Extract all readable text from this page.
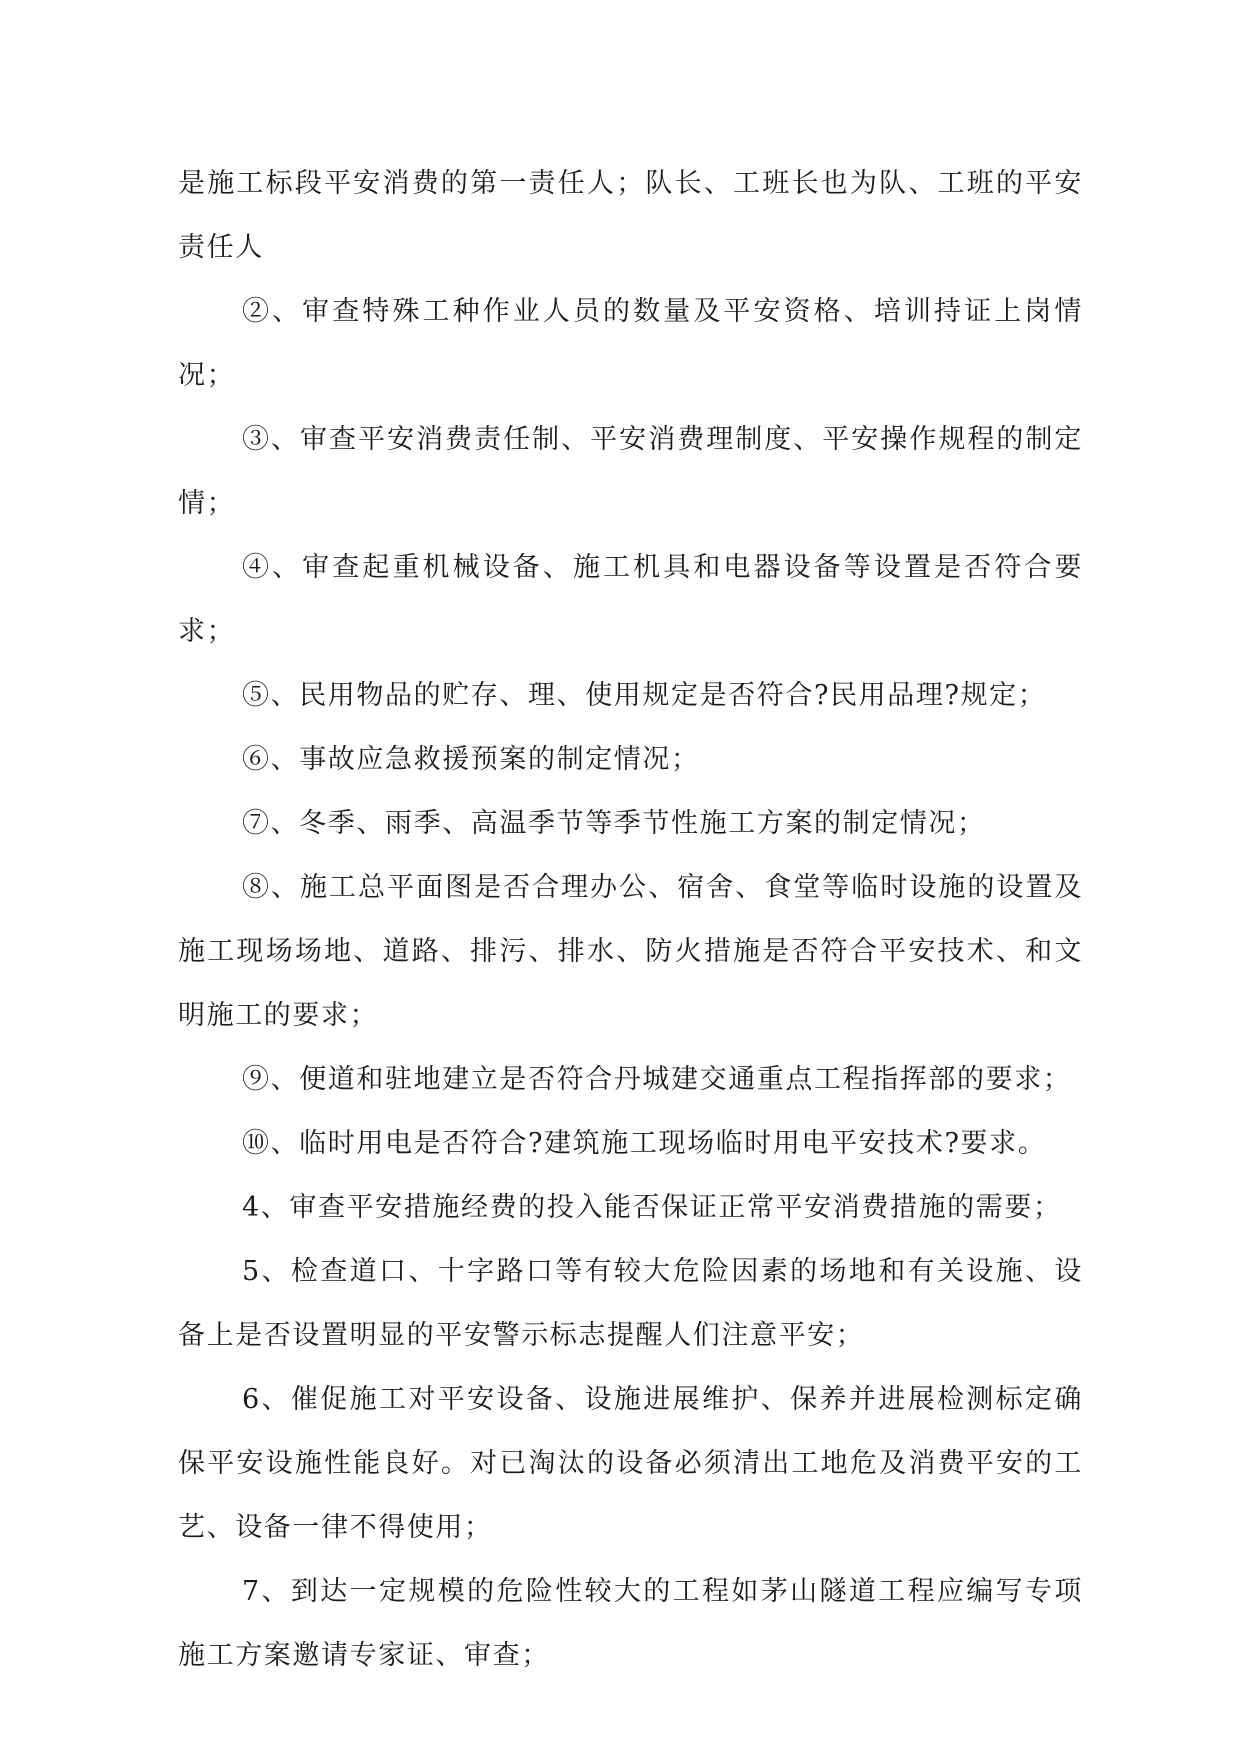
是施工标段平安消费的第一责任人；队长、工班长也为队、工班的平安责任人

②、审查特殊工种作业人员的数量及平安资格、培训持证上岗情况；

③、审查平安消费责任制、平安消费理制度、平安操作规程的制定情；

④、审查起重机械设备、施工机具和电器设备等设置是否符合要求；

⑤、民用物品的贮存、理、使用规定是否符合?民用品理?规定；

⑥、事故应急救援预案的制定情况；

⑦、冬季、雨季、高温季节等季节性施工方案的制定情况；

⑧、施工总平面图是否合理办公、宿舍、食堂等临时设施的设置及施工现场场地、道路、排污、排水、防火措施是否符合平安技术、和文明施工的要求；

⑨、便道和驻地建立是否符合丹城建交通重点工程指挥部的要求；

⑩、临时用电是否符合?建筑施工现场临时用电平安技术?要求。

4、审查平安措施经费的投入能否保证正常平安消费措施的需要；

5、检查道口、十字路口等有较大危险因素的场地和有关设施、设备上是否设置明显的平安警示标志提醒人们注意平安；

6、催促施工对平安设备、设施进展维护、保养并进展检测标定确保平安设施性能良好。对已淘汰的设备必须清出工地危及消费平安的工艺、设备一律不得使用；

7、到达一定规模的危险性较大的工程如茅山隧道工程应编写专项施工方案邀请专家证、审查；
